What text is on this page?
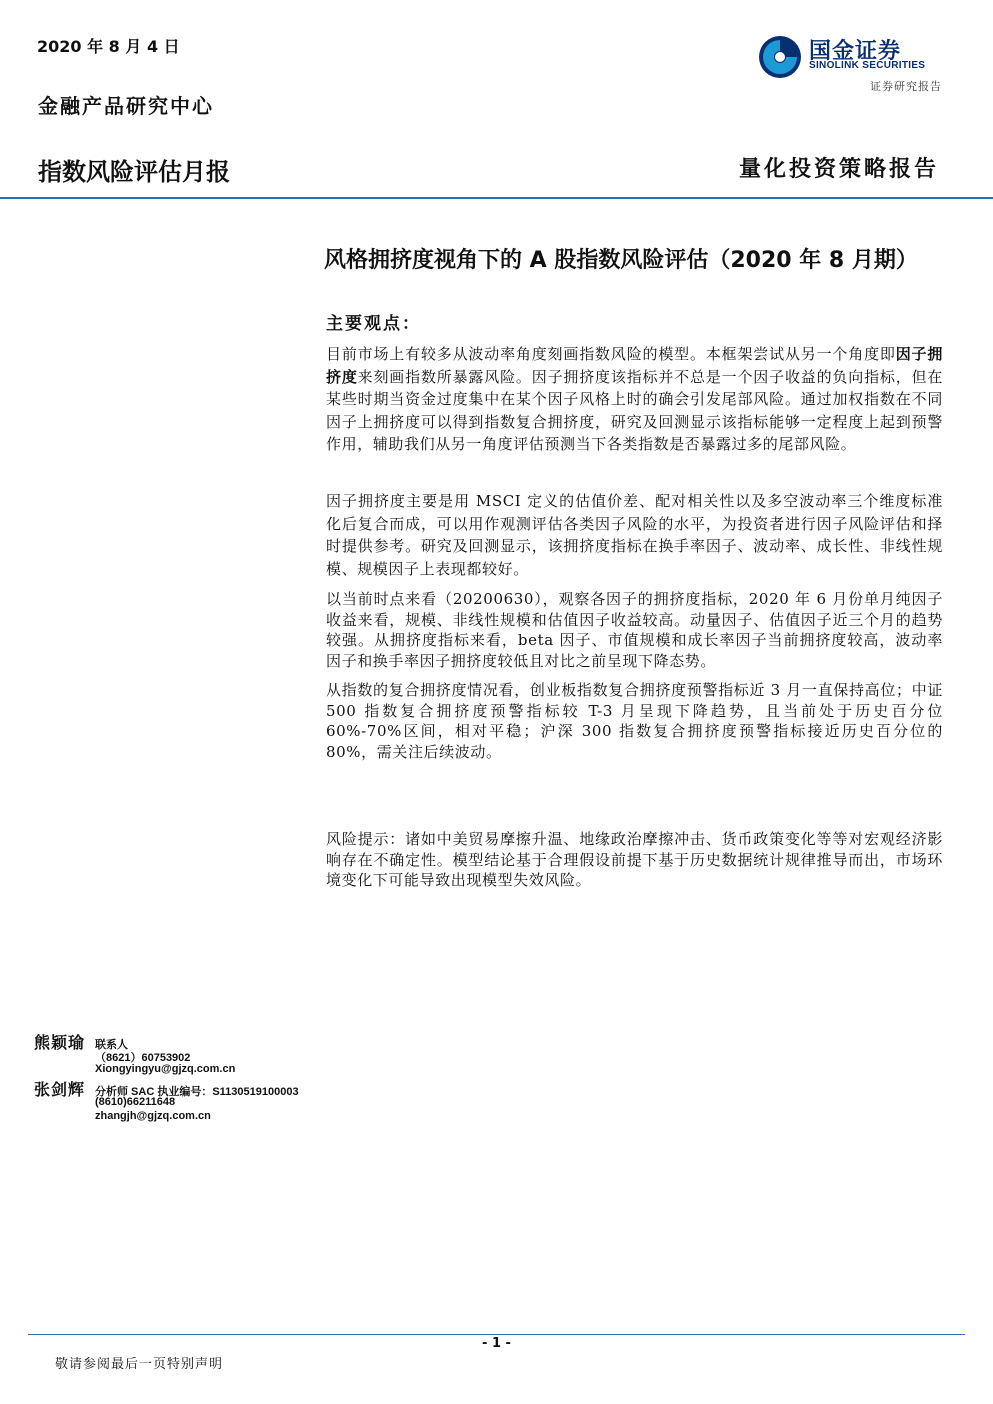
2020 年 8 月 4 日
金融产品研究中心
国金证券
SINOLINK SECURITIES
证券研究报告
指数风险评估月报	量化投资策略报告
风格拥挤度视角下的 A 股指数风险评估（2020 年 8 月期）
主要观点：

目前市场上有较多从波动率角度刻画指数风险的模型。本框架尝试从另一个角度即因子拥挤度来刻画指数所暴露风险。因子拥挤度该指标并不总是一个因子收益的负向指标，但在某些时期当资金过度集中在某个因子风格上时的确会引发尾部风险。通过加权指数在不同因子上拥挤度可以得到指数复合拥挤度，研究及回测显示该指标能够一定程度上起到预警作用，辅助我们从另一角度评估预测当下各类指数是否暴露过多的尾部风险。

因子拥挤度主要是用 MSCI 定义的估值价差、配对相关性以及多空波动率三个维度标准化后复合而成，可以用作观测评估各类因子风险的水平，为投资者进行因子风险评估和择时提供参考。研究及回测显示，该拥挤度指标在换手率因子、波动率、成长性、非线性规模、规模因子上表现都较好。

以当前时点来看（20200630），观察各因子的拥挤度指标，2020 年 6 月份单月纯因子收益来看，规模、非线性规模和估值因子收益较高。动量因子、估值因子近三个月的趋势较强。从拥挤度指标来看，beta 因子、市值规模和成长率因子当前拥挤度较高，波动率因子和换手率因子拥挤度较低且对比之前呈现下降态势。

从指数的复合拥挤度情况看，创业板指数复合拥挤度预警指标近 3 月一直保持高位；中证 500 指数复合拥挤度预警指标较 T-3 月呈现下降趋势，且当前处于历史百分位 60%-70%区间，相对平稳；沪深 300 指数复合拥挤度预警指标接近历史百分位的 80%，需关注后续波动。

风险提示：诸如中美贸易摩擦升温、地缘政治摩擦冲击、货币政策变化等等对宏观经济影响存在不确定性。模型结论基于合理假设前提下基于历史数据统计规律推导而出，市场环境变化下可能导致出现模型失效风险。

熊颖瑜 联系人
（8621）60753902
Xiongyingyu@gjzq.com.cn
张剑辉 分析师 SAC 执业编号：S1130519100003
(8610)66211648
zhangjh@gjzq.com.cn
- 1 -
敬请参阅最后一页特别声明
